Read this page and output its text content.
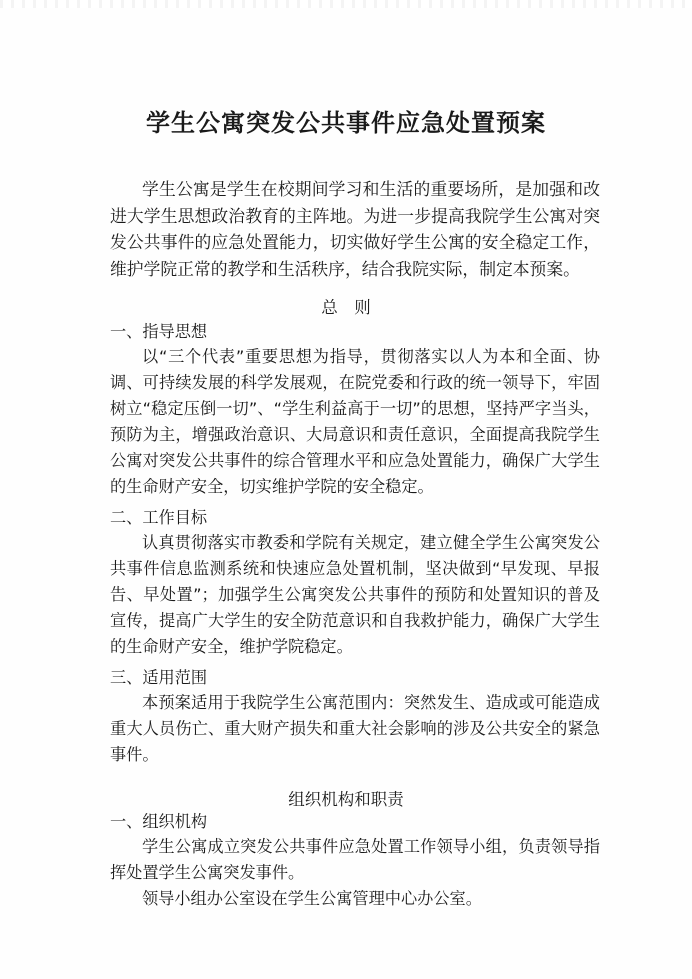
学生公寓突发公共事件应急处置预案

学生公寓是学生在校期间学习和生活的重要场所，是加强和改进大学生思想政治教育的主阵地。为进一步提高我院学生公寓对突发公共事件的应急处置能力，切实做好学生公寓的安全稳定工作，维护学院正常的教学和生活秩序，结合我院实际，制定本预案。

总　则
一、指导思想

以“三个代表”重要思想为指导，贯彻落实以人为本和全面、协调、可持续发展的科学发展观，在院党委和行政的统一领导下，牢固树立“稳定压倒一切”、“学生利益高于一切”的思想，坚持严字当头，预防为主，增强政治意识、大局意识和责任意识，全面提高我院学生公寓对突发公共事件的综合管理水平和应急处置能力，确保广大学生的生命财产安全，切实维护学院的安全稳定。

二、工作目标

认真贯彻落实市教委和学院有关规定，建立健全学生公寓突发公共事件信息监测系统和快速应急处置机制，坚决做到“早发现、早报告、早处置”；加强学生公寓突发公共事件的预防和处置知识的普及宣传，提高广大学生的安全防范意识和自我救护能力，确保广大学生的生命财产安全，维护学院稳定。

三、适用范围

本预案适用于我院学生公寓范围内：突然发生、造成或可能造成重大人员伤亡、重大财产损失和重大社会影响的涉及公共安全的紧急事件。

组织机构和职责
一、组织机构

学生公寓成立突发公共事件应急处置工作领导小组，负责领导指挥处置学生公寓突发事件。

领导小组办公室设在学生公寓管理中心办公室。
